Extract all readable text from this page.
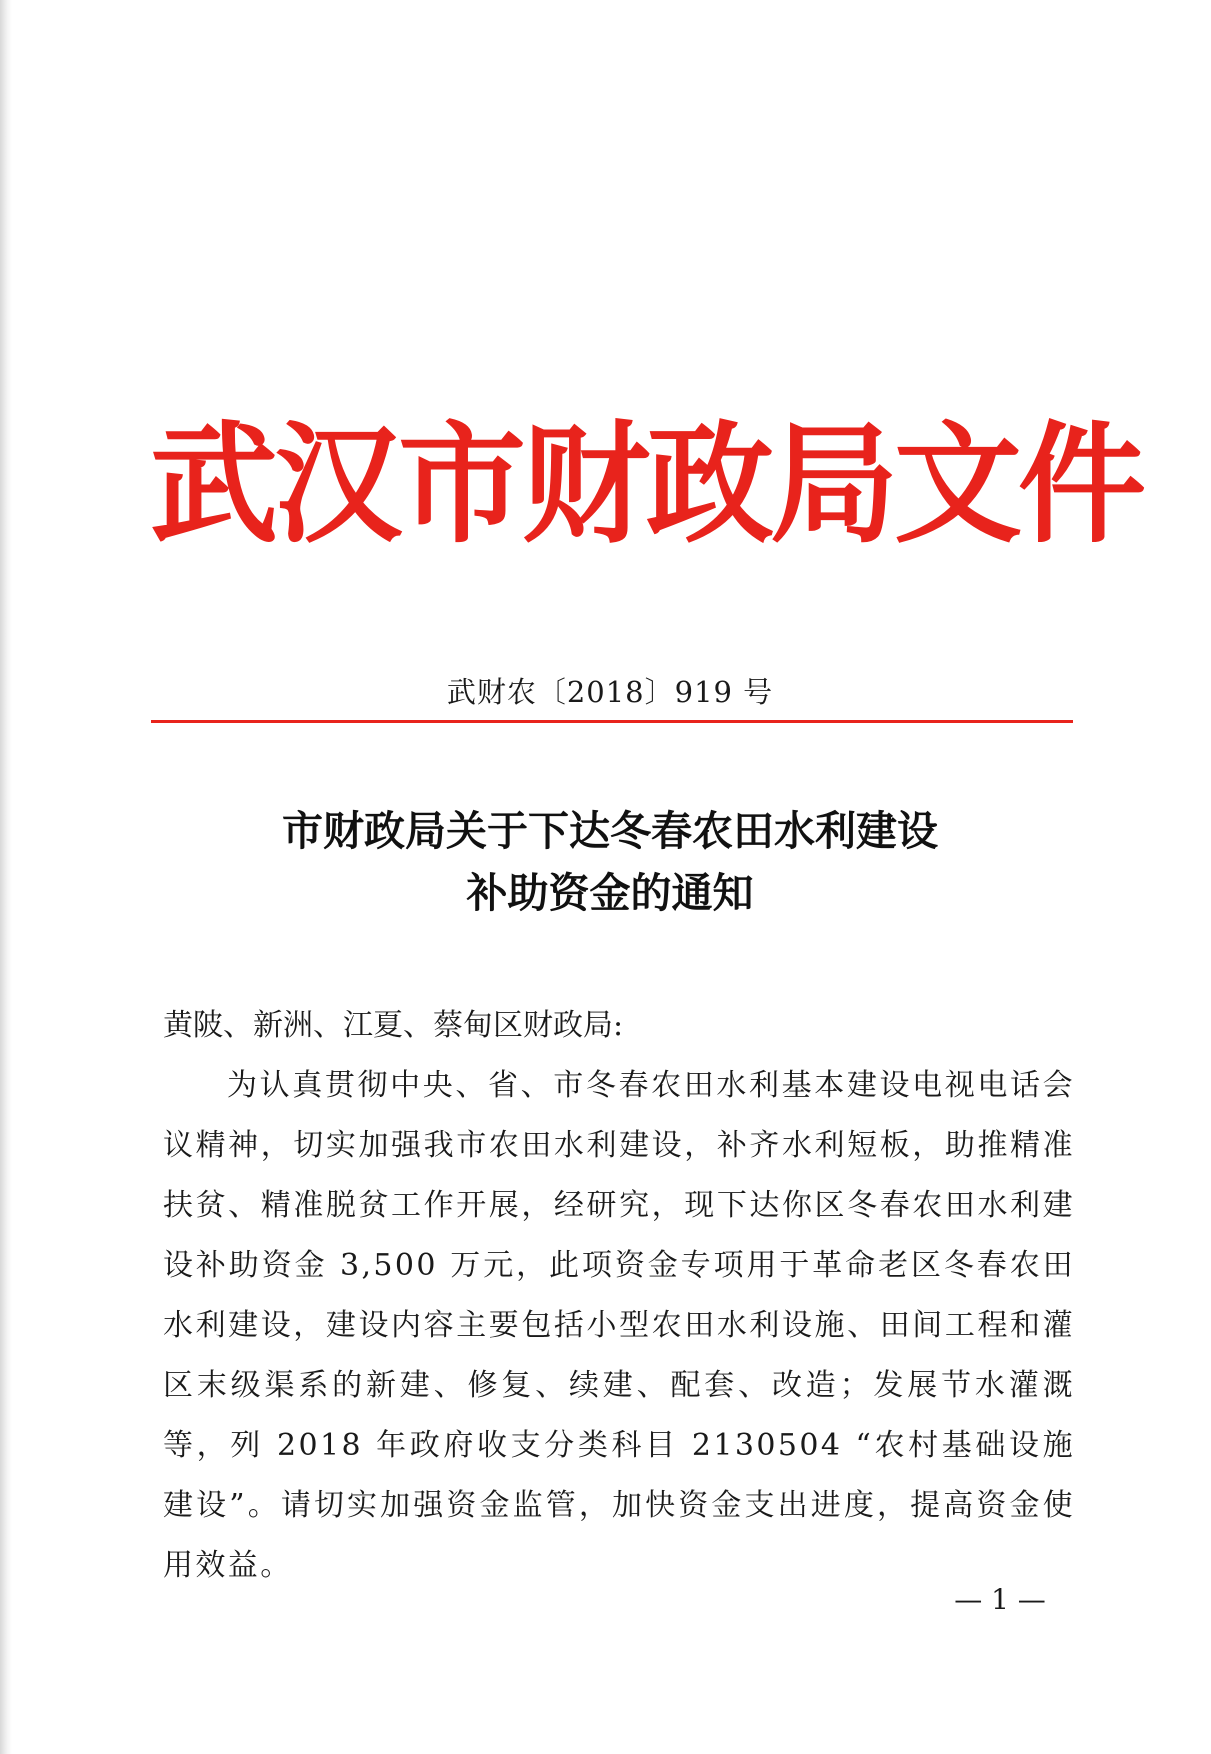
武汉市财政局文件
武财农〔2018〕919 号
市财政局关于下达冬春农田水利建设
补助资金的通知

黄陂、新洲、江夏、蔡甸区财政局:

为认真贯彻中央、省、市冬春农田水利基本建设电视电话会议精神，切实加强我市农田水利建设，补齐水利短板，助推精准扶贫、精准脱贫工作开展，经研究，现下达你区冬春农田水利建设补助资金 3,500 万元，此项资金专项用于革命老区冬春农田水利建设，建设内容主要包括小型农田水利设施、田间工程和灌区末级渠系的新建、修复、续建、配套、改造；发展节水灌溉等，列 2018 年政府收支分类科目 2130504 “农村基础设施建设”。请切实加强资金监管，加快资金支出进度，提高资金使用效益。

— 1 —
